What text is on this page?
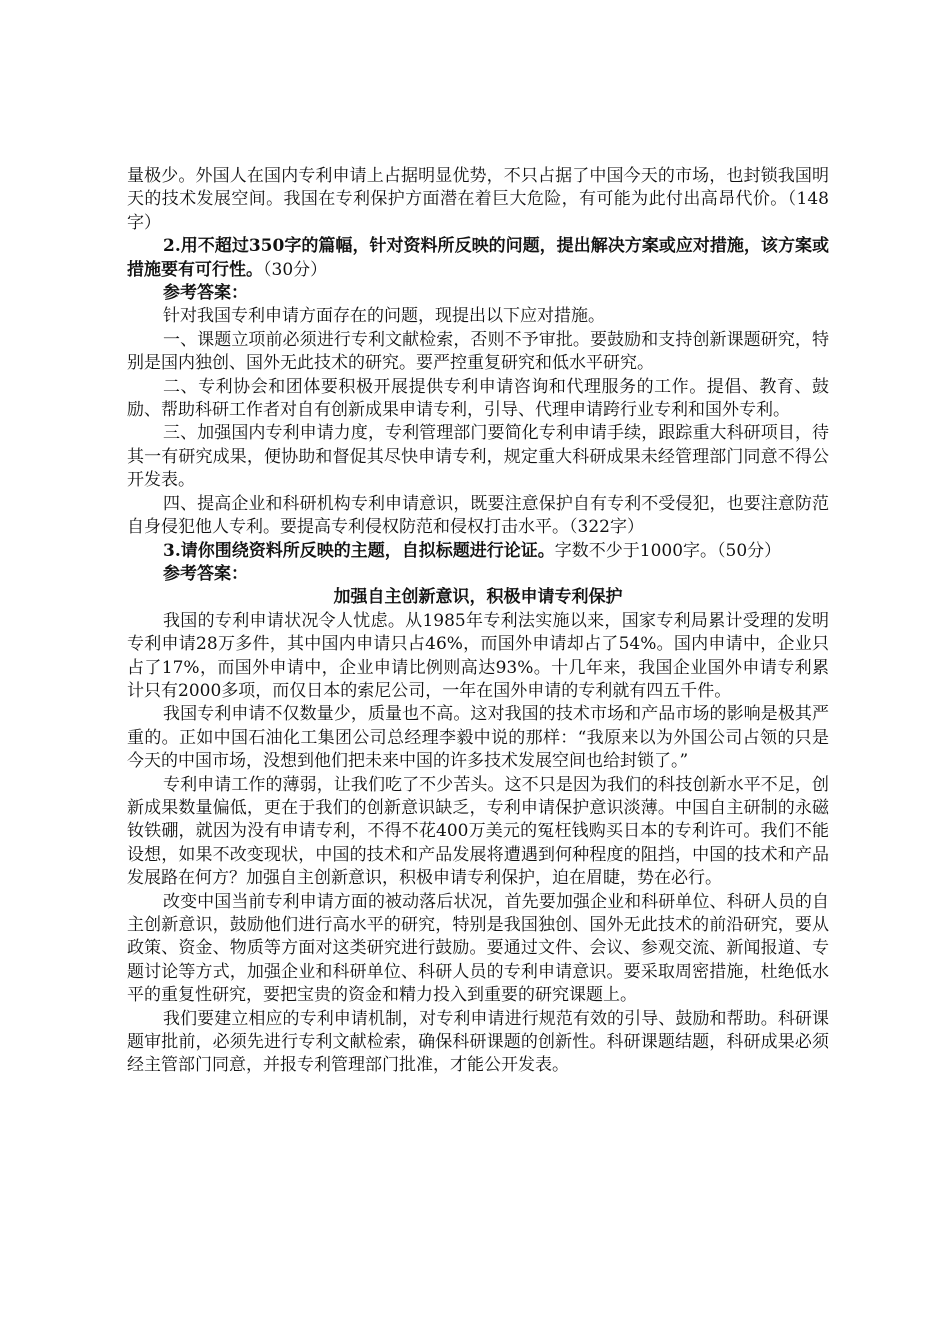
量极少。外国人在国内专利申请上占据明显优势，不只占据了中国今天的市场，也封锁我国明天的技术发展空间。我国在专利保护方面潜在着巨大危险，有可能为此付出高昂代价。（148字）

2.用不超过350字的篇幅，针对资料所反映的问题，提出解决方案或应对措施，该方案或措施要有可行性。（30分）

参考答案：

针对我国专利申请方面存在的问题，现提出以下应对措施。

一、课题立项前必须进行专利文献检索，否则不予审批。要鼓励和支持创新课题研究，特别是国内独创、国外无此技术的研究。要严控重复研究和低水平研究。

二、专利协会和团体要积极开展提供专利申请咨询和代理服务的工作。提倡、教育、鼓励、帮助科研工作者对自有创新成果申请专利，引导、代理申请跨行业专利和国外专利。

三、加强国内专利申请力度，专利管理部门要简化专利申请手续，跟踪重大科研项目，待其一有研究成果，便协助和督促其尽快申请专利，规定重大科研成果未经管理部门同意不得公开发表。

四、提高企业和科研机构专利申请意识，既要注意保护自有专利不受侵犯，也要注意防范自身侵犯他人专利。要提高专利侵权防范和侵权打击水平。（322字）

3.请你围绕资料所反映的主题，自拟标题进行论证。字数不少于1000字。（50分）

参考答案：

加强自主创新意识，积极申请专利保护

我国的专利申请状况令人忧虑。从1985年专利法实施以来，国家专利局累计受理的发明专利申请28万多件，其中国内申请只占46%，而国外申请却占了54%。国内申请中，企业只占了17%，而国外申请中，企业申请比例则高达93%。十几年来，我国企业国外申请专利累计只有2000多项，而仅日本的索尼公司，一年在国外申请的专利就有四五千件。

我国专利申请不仅数量少，质量也不高。这对我国的技术市场和产品市场的影响是极其严重的。正如中国石油化工集团公司总经理李毅中说的那样：“我原来以为外国公司占领的只是今天的中国市场，没想到他们把未来中国的许多技术发展空间也给封锁了。”

专利申请工作的薄弱，让我们吃了不少苦头。这不只是因为我们的科技创新水平不足，创新成果数量偏低，更在于我们的创新意识缺乏，专利申请保护意识淡薄。中国自主研制的永磁钕铁硼，就因为没有申请专利，不得不花400万美元的冤枉钱购买日本的专利许可。我们不能设想，如果不改变现状，中国的技术和产品发展将遭遇到何种程度的阻挡，中国的技术和产品发展路在何方？加强自主创新意识，积极申请专利保护，迫在眉睫，势在必行。

改变中国当前专利申请方面的被动落后状况，首先要加强企业和科研单位、科研人员的自主创新意识，鼓励他们进行高水平的研究，特别是我国独创、国外无此技术的前沿研究，要从政策、资金、物质等方面对这类研究进行鼓励。要通过文件、会议、参观交流、新闻报道、专题讨论等方式，加强企业和科研单位、科研人员的专利申请意识。要采取周密措施，杜绝低水平的重复性研究，要把宝贵的资金和精力投入到重要的研究课题上。

我们要建立相应的专利申请机制，对专利申请进行规范有效的引导、鼓励和帮助。科研课题审批前，必须先进行专利文献检索，确保科研课题的创新性。科研课题结题，科研成果必须经主管部门同意，并报专利管理部门批准，才能公开发表。
